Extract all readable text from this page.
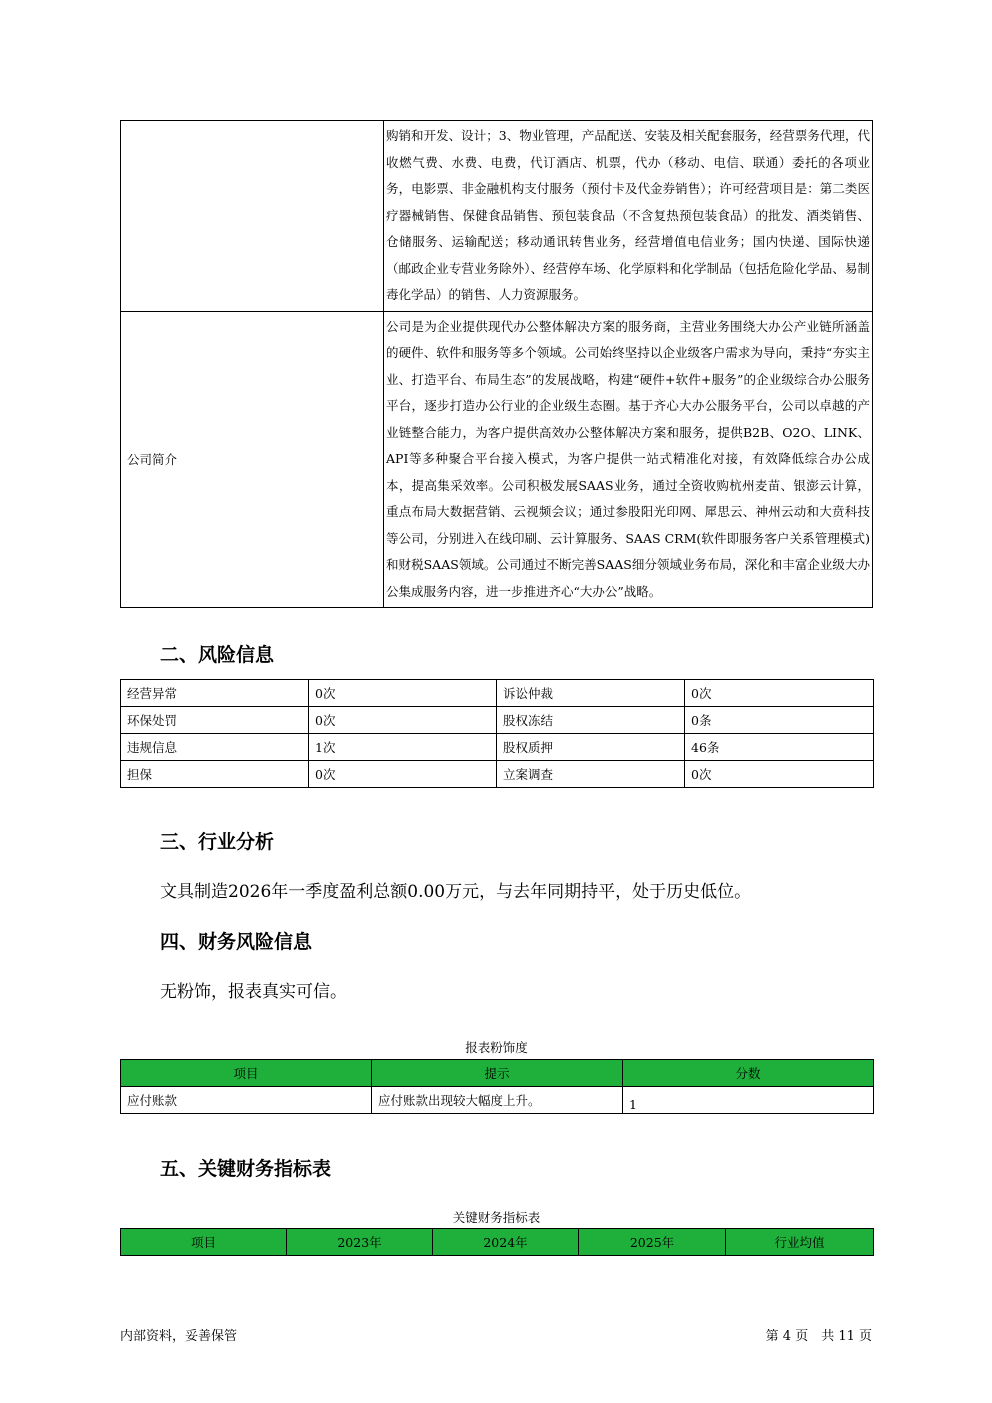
	购销和开发、设计；3、物业管理，产品配送、安装及相关配套服务，经营票务代理，代收燃气费、水费、电费，代订酒店、机票，代办（移动、电信、联通）委托的各项业务，电影票、非金融机构支付服务（预付卡及代金券销售）；许可经营项目是：第二类医疗器械销售、保健食品销售、预包装食品（不含复热预包装食品）的批发、酒类销售、仓储服务、运输配送；移动通讯转售业务，经营增值电信业务；国内快递、国际快递（邮政企业专营业务除外）、经营停车场、化学原料和化学制品（包括危险化学品、易制毒化学品）的销售、人力资源服务。
公司简介	公司是为企业提供现代办公整体解决方案的服务商，主营业务围绕大办公产业链所涵盖的硬件、软件和服务等多个领域。公司始终坚持以企业级客户需求为导向，秉持“夯实主业、打造平台、布局生态”的发展战略，构建“硬件+软件+服务”的企业级综合办公服务平台，逐步打造办公行业的企业级生态圈。基于齐心大办公服务平台，公司以卓越的产业链整合能力，为客户提供高效办公整体解决方案和服务，提供B2B、O2O、LINK、API等多种聚合平台接入模式，为客户提供一站式精准化对接，有效降低综合办公成本，提高集采效率。公司积极发展SAAS业务，通过全资收购杭州麦苗、银澎云计算，重点布局大数据营销、云视频会议；通过参股阳光印网、犀思云、神州云动和大贲科技等公司，分别进入在线印刷、云计算服务、SAAS CRM(软件即服务客户关系管理模式)和财税SAAS领域。公司通过不断完善SAAS细分领域业务布局，深化和丰富企业级大办公集成服务内容，进一步推进齐心“大办公”战略。
二、风险信息
经营异常	0次	诉讼仲裁	0次
环保处罚	0次	股权冻结	0条
违规信息	1次	股权质押	46条
担保	0次	立案调查	0次
三、行业分析
文具制造2026年一季度盈利总额0.00万元，与去年同期持平，处于历史低位。
四、财务风险信息
无粉饰，报表真实可信。
报表粉饰度
项目	提示	分数
应付账款	应付账款出现较大幅度上升。	1
五、关键财务指标表
关键财务指标表
项目	2023年	2024年	2025年	行业均值
内部资料，妥善保管	第 4 页　共 11 页
